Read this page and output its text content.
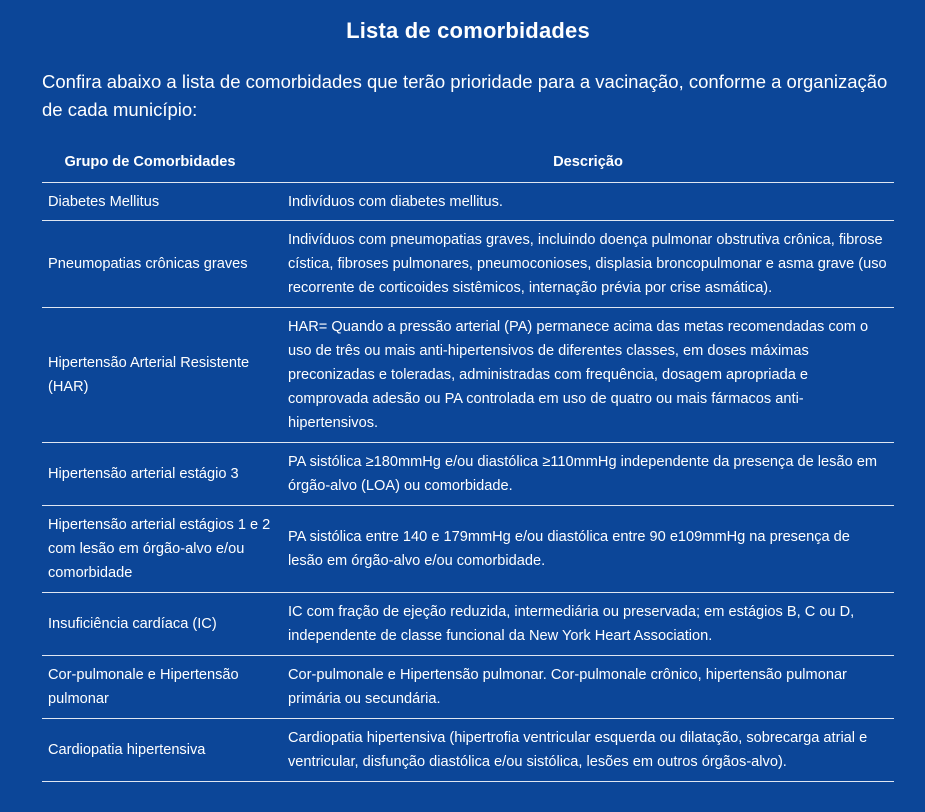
Lista de comorbidades

Confira abaixo a lista de comorbidades que terão prioridade para a vacinação, conforme a organização de cada município:

Grupo de Comorbidades	Descrição
Diabetes Mellitus	Indivíduos com diabetes mellitus.
Pneumopatias crônicas graves	Indivíduos com pneumopatias graves, incluindo doença pulmonar obstrutiva crônica, fibrose cística, fibroses pulmonares, pneumoconioses, displasia broncopulmonar e asma grave (uso recorrente de corticoides sistêmicos, internação prévia por crise asmática).
Hipertensão Arterial Resistente (HAR)	HAR= Quando a pressão arterial (PA) permanece acima das metas recomendadas com o uso de três ou mais anti-hipertensivos de diferentes classes, em doses máximas preconizadas e toleradas, administradas com frequência, dosagem apropriada e comprovada adesão ou PA controlada em uso de quatro ou mais fármacos anti-hipertensivos.
Hipertensão arterial estágio 3	PA sistólica ≥180mmHg e/ou diastólica ≥110mmHg independente da presença de lesão em órgão-alvo (LOA) ou comorbidade.
Hipertensão arterial estágios 1 e 2 com lesão em órgão-alvo e/ou comorbidade	PA sistólica entre 140 e 179mmHg e/ou diastólica entre 90 e109mmHg na presença de lesão em órgão-alvo e/ou comorbidade.
Insuficiência cardíaca (IC)	IC com fração de ejeção reduzida, intermediária ou preservada; em estágios B, C ou D, independente de classe funcional da New York Heart Association.
Cor-pulmonale e Hipertensão pulmonar	Cor-pulmonale e Hipertensão pulmonar. Cor-pulmonale crônico, hipertensão pulmonar primária ou secundária.
Cardiopatia hipertensiva	Cardiopatia hipertensiva (hipertrofia ventricular esquerda ou dilatação, sobrecarga atrial e ventricular, disfunção diastólica e/ou sistólica, lesões em outros órgãos-alvo).
